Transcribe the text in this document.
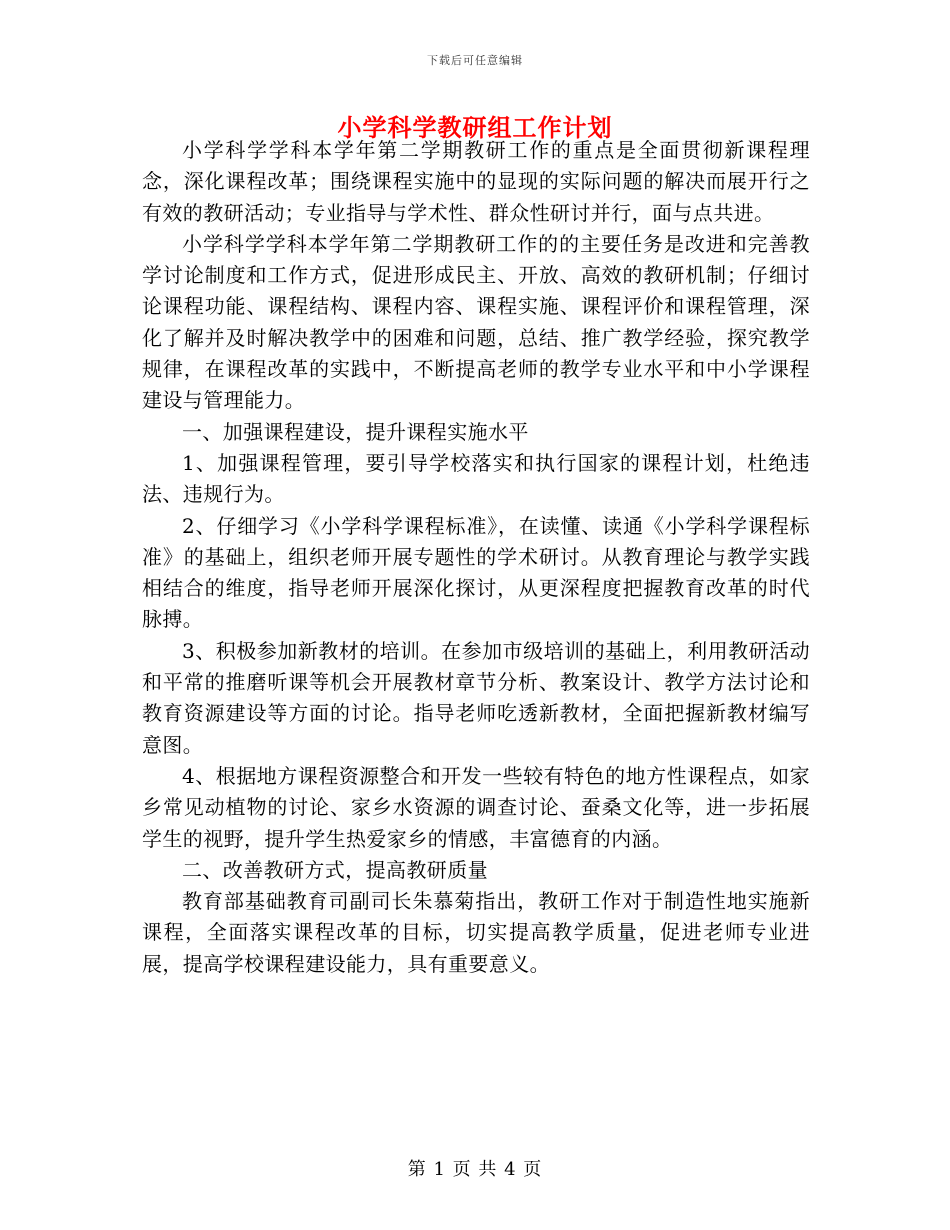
下载后可任意编辑
小学科学教研组工作计划

小学科学学科本学年第二学期教研工作的重点是全面贯彻新课程理念，深化课程改革；围绕课程实施中的显现的实际问题的解决而展开行之有效的教研活动；专业指导与学术性、群众性研讨并行，面与点共进。

小学科学学科本学年第二学期教研工作的的主要任务是改进和完善教学讨论制度和工作方式，促进形成民主、开放、高效的教研机制；仔细讨论课程功能、课程结构、课程内容、课程实施、课程评价和课程管理，深化了解并及时解决教学中的困难和问题，总结、推广教学经验，探究教学规律，在课程改革的实践中，不断提高老师的教学专业水平和中小学课程建设与管理能力。

一、加强课程建设，提升课程实施水平

1、加强课程管理，要引导学校落实和执行国家的课程计划，杜绝违法、违规行为。

2、仔细学习《小学科学课程标准》，在读懂、读通《小学科学课程标准》的基础上，组织老师开展专题性的学术研讨。从教育理论与教学实践相结合的维度，指导老师开展深化探讨，从更深程度把握教育改革的时代脉搏。

3、积极参加新教材的培训。在参加市级培训的基础上，利用教研活动和平常的推磨听课等机会开展教材章节分析、教案设计、教学方法讨论和教育资源建设等方面的讨论。指导老师吃透新教材，全面把握新教材编写意图。

4、根据地方课程资源整合和开发一些较有特色的地方性课程点，如家乡常见动植物的讨论、家乡水资源的调查讨论、蚕桑文化等，进一步拓展学生的视野，提升学生热爱家乡的情感，丰富德育的内涵。

二、改善教研方式，提高教研质量

教育部基础教育司副司长朱慕菊指出，教研工作对于制造性地实施新课程，全面落实课程改革的目标，切实提高教学质量，促进老师专业进展，提高学校课程建设能力，具有重要意义。

第 1 页 共 4 页
